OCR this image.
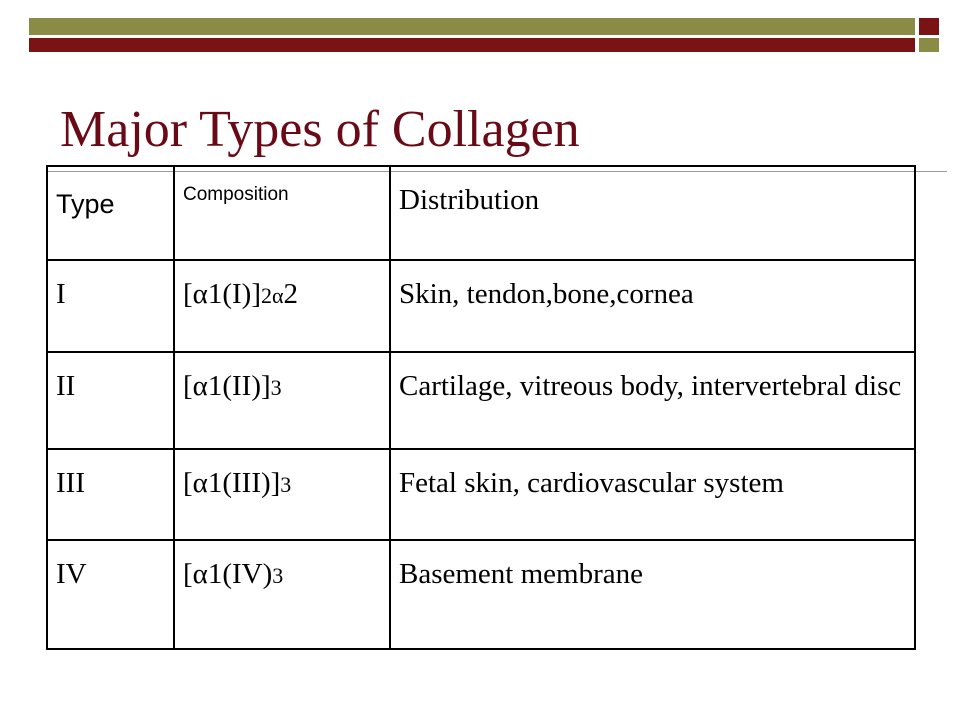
Major Types of Collagen
Type	Composition	Distribution
I	[α1(I)]2α2	Skin, tendon,bone,cornea
II	[α1(II)]3	Cartilage, vitreous body, intervertebral disc
III	[α1(III)]3	Fetal skin, cardiovascular system
IV	[α1(IV)3	Basement membrane
